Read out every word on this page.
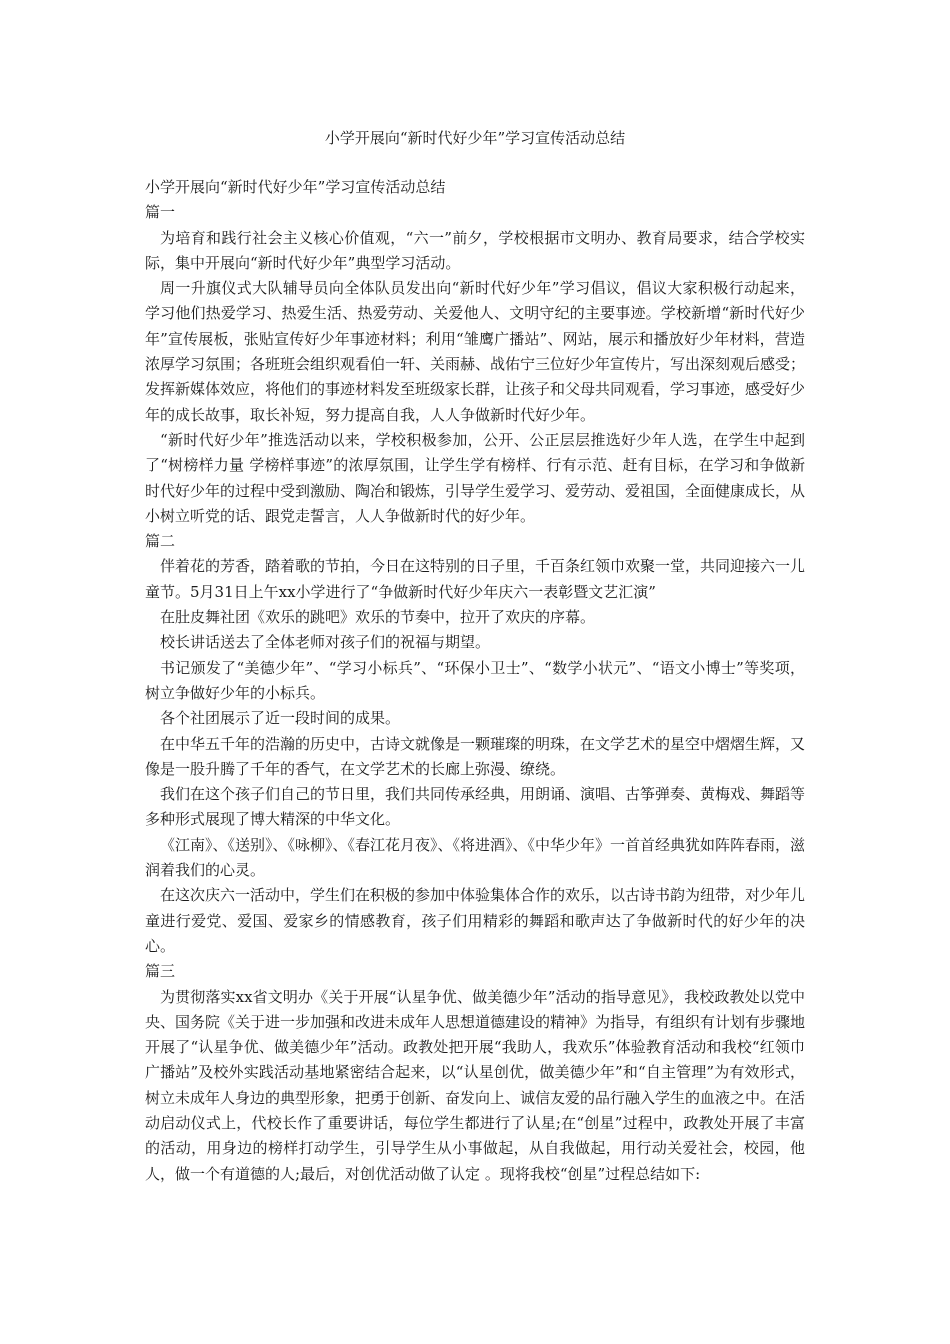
小学开展向“新时代好少年”学习宣传活动总结

小学开展向“新时代好少年”学习宣传活动总结

篇一

为培育和践行社会主义核心价值观，“六一”前夕，学校根据市文明办、教育局要求，结合学校实际，集中开展向“新时代好少年”典型学习活动。

周一升旗仪式大队辅导员向全体队员发出向“新时代好少年”学习倡议，倡议大家积极行动起来，学习他们热爱学习、热爱生活、热爱劳动、关爱他人、文明守纪的主要事迹。学校新增“新时代好少年”宣传展板，张贴宣传好少年事迹材料；利用“雏鹰广播站”、网站，展示和播放好少年材料，营造浓厚学习氛围；各班班会组织观看伯一轩、关雨赫、战佑宁三位好少年宣传片，写出深刻观后感受；发挥新媒体效应，将他们的事迹材料发至班级家长群，让孩子和父母共同观看，学习事迹，感受好少年的成长故事，取长补短，努力提高自我，人人争做新时代好少年。

“新时代好少年”推选活动以来，学校积极参加，公开、公正层层推选好少年人选，在学生中起到了“树榜样力量 学榜样事迹”的浓厚氛围，让学生学有榜样、行有示范、赶有目标，在学习和争做新时代好少年的过程中受到激励、陶冶和锻炼，引导学生爱学习、爱劳动、爱祖国，全面健康成长，从小树立听党的话、跟党走誓言，人人争做新时代的好少年。

篇二

伴着花的芳香，踏着歌的节拍，今日在这特别的日子里，千百条红领巾欢聚一堂，共同迎接六一儿童节。5月31日上午xx小学进行了“争做新时代好少年庆六一表彰暨文艺汇演”

在肚皮舞社团《欢乐的跳吧》欢乐的节奏中，拉开了欢庆的序幕。

校长讲话送去了全体老师对孩子们的祝福与期望。

书记颁发了“美德少年”、“学习小标兵”、“环保小卫士”、“数学小状元”、“语文小博士”等奖项，树立争做好少年的小标兵。

各个社团展示了近一段时间的成果。

在中华五千年的浩瀚的历史中，古诗文就像是一颗璀璨的明珠，在文学艺术的星空中熠熠生辉，又像是一股升腾了千年的香气，在文学艺术的长廊上弥漫、缭绕。

我们在这个孩子们自己的节日里，我们共同传承经典，用朗诵、演唱、古筝弹奏、黄梅戏、舞蹈等多种形式展现了博大精深的中华文化。

《江南》、《送别》、《咏柳》、《春江花月夜》、《将进酒》、《中华少年》一首首经典犹如阵阵春雨，滋润着我们的心灵。

在这次庆六一活动中，学生们在积极的参加中体验集体合作的欢乐，以古诗书韵为纽带，对少年儿童进行爱党、爱国、爱家乡的情感教育，孩子们用精彩的舞蹈和歌声达了争做新时代的好少年的决心。

篇三

为贯彻落实xx省文明办《关于开展“认星争优、做美德少年”活动的指导意见》，我校政教处以党中央、国务院《关于进一步加强和改进未成年人思想道德建设的精神》为指导，有组织有计划有步骤地开展了“认星争优、做美德少年”活动。政教处把开展“我助人，我欢乐”体验教育活动和我校“红领巾广播站”及校外实践活动基地紧密结合起来，以“认星创优，做美德少年”和“自主管理”为有效形式，树立未成年人身边的典型形象，把勇于创新、奋发向上、诚信友爱的品行融入学生的血液之中。在活动启动仪式上，代校长作了重要讲话，每位学生都进行了认星;在“创星”过程中，政教处开展了丰富的活动，用身边的榜样打动学生，引导学生从小事做起，从自我做起，用行动关爱社会，校园，他人，做一个有道德的人;最后，对创优活动做了认定 。现将我校“创星”过程总结如下:
